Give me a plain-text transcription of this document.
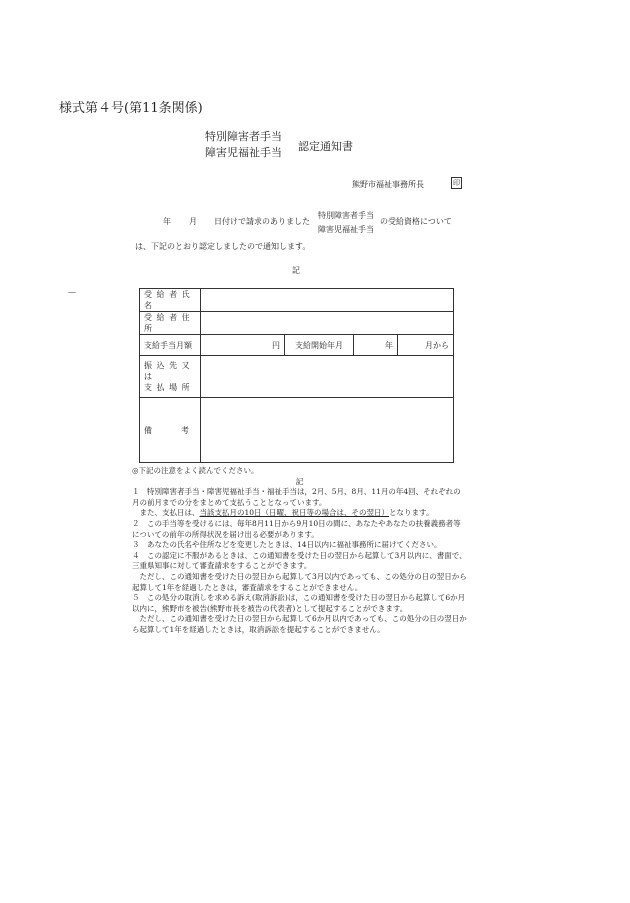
様式第４号(第11条関係)
特別障害者手当
障害児福祉手当 認定通知書
熊野市福祉事務所長	印
年 月 日付けで請求のありました
特別障害者手当
障害児福祉手当
の受給資格について
は、下記のとおり認定しましたので通知します。
記
－	受 給 者 氏 名				
受 給 者 住 所				
支給手当月額	円	支給開始年月	年	月から

振 込 先 又 は
支 払 場 所				

備 考				

◎下記の注意をよく読んでください。

記

１　特別障害者手当・障害児福祉手当・福祉手当は，2月、5月、8月、11月の年4回、それぞれの月の前月までの分をまとめて支払うこととなっています。

　また、支払日は、当該支払月の10日（日曜、祝日等の場合は、その翌日）となります。

２　この手当等を受けるには、毎年8月11日から9月10日の間に、あなたやあなたの扶養義務者等についての前年の所得状況を届け出る必要があります。

３　あなたの氏名や住所などを変更したときは、14日以内に福祉事務所に届けてください。

４　この認定に不服があるときは、この通知書を受けた日の翌日から起算して3月以内に、書面で、三重県知事に対して審査請求をすることができます。

　ただし、この通知書を受けた日の翌日から起算して3月以内であっても、この処分の日の翌日から起算して1年を経過したときは，審査請求をすることができません。

５　この処分の取消しを求める訴え(取消訴訟)は，この通知書を受けた日の翌日から起算して6か月以内に，熊野市を被告(熊野市長を被告の代表者)として提起することができます。

　ただし、この通知書を受けた日の翌日から起算して6か月以内であっても、この処分の日の翌日から起算して1年を経過したときは，取消訴訟を提起することができません。
